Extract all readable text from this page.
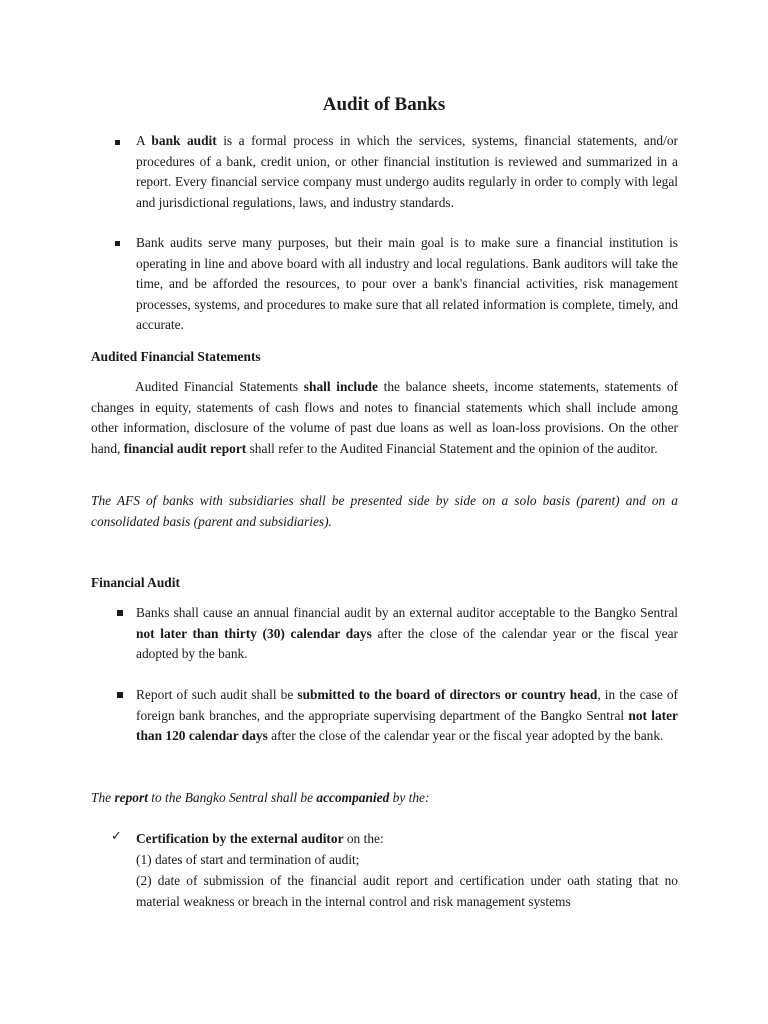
Audit of Banks

A bank audit is a formal process in which the services, systems, financial statements, and/or procedures of a bank, credit union, or other financial institution is reviewed and summarized in a report. Every financial service company must undergo audits regularly in order to comply with legal and jurisdictional regulations, laws, and industry standards.

Bank audits serve many purposes, but their main goal is to make sure a financial institution is operating in line and above board with all industry and local regulations. Bank auditors will take the time, and be afforded the resources, to pour over a bank's financial activities, risk management processes, systems, and procedures to make sure that all related information is complete, timely, and accurate.

Audited Financial Statements

Audited Financial Statements shall include the balance sheets, income statements, statements of changes in equity, statements of cash flows and notes to financial statements which shall include among other information, disclosure of the volume of past due loans as well as loan-loss provisions. On the other hand, financial audit report shall refer to the Audited Financial Statement and the opinion of the auditor.

The AFS of banks with subsidiaries shall be presented side by side on a solo basis (parent) and on a consolidated basis (parent and subsidiaries).

Financial Audit

Banks shall cause an annual financial audit by an external auditor acceptable to the Bangko Sentral not later than thirty (30) calendar days after the close of the calendar year or the fiscal year adopted by the bank.

Report of such audit shall be submitted to the board of directors or country head, in the case of foreign bank branches, and the appropriate supervising department of the Bangko Sentral not later than 120 calendar days after the close of the calendar year or the fiscal year adopted by the bank.

The report to the Bangko Sentral shall be accompanied by the:

✓ Certification by the external auditor on the:

(1) dates of start and termination of audit;

(2) date of submission of the financial audit report and certification under oath stating that no material weakness or breach in the internal control and risk management systems
